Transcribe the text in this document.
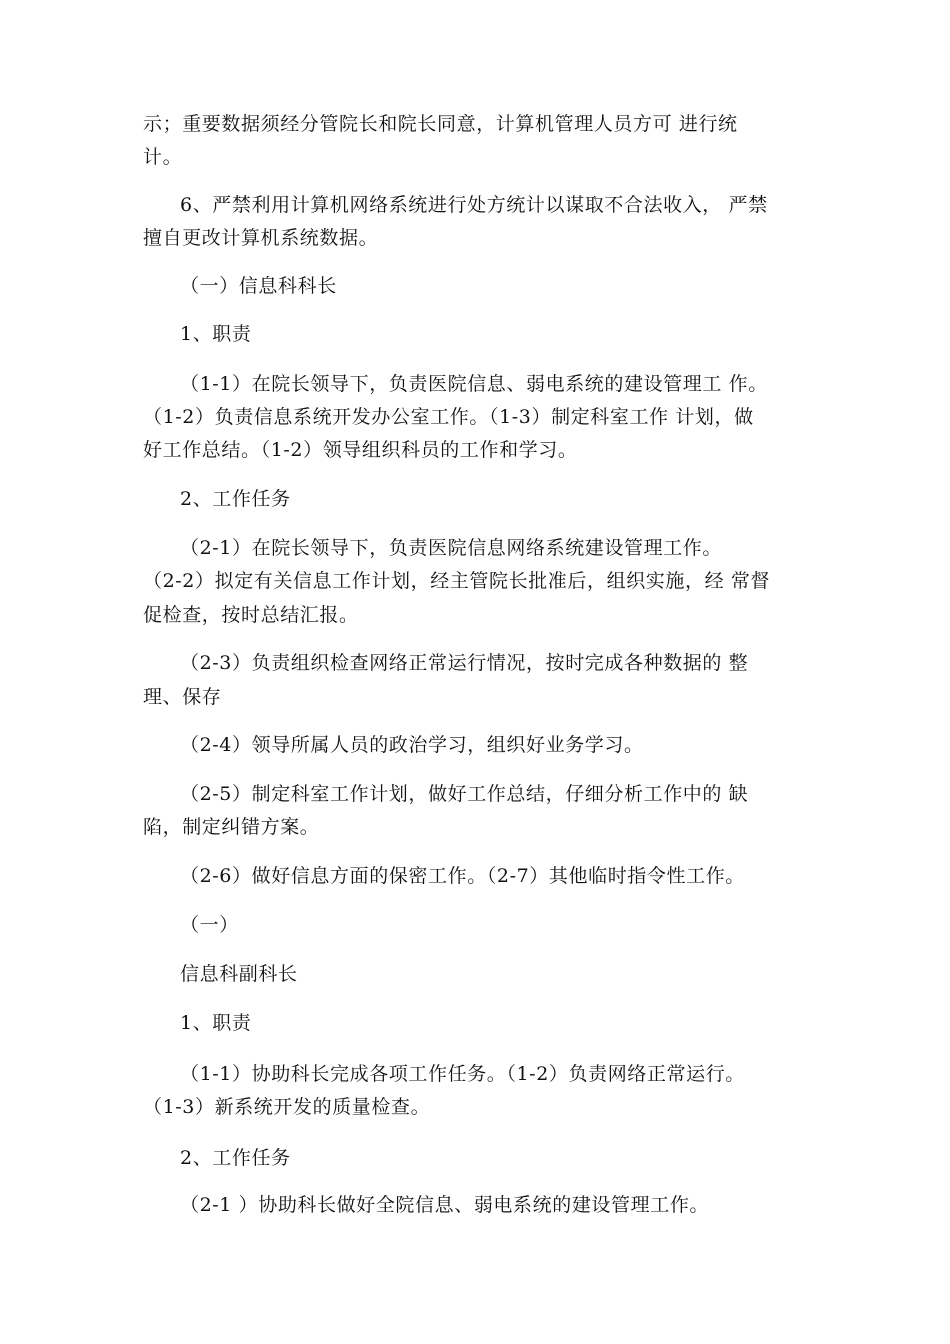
示；重要数据须经分管院长和院长同意，计算机管理人员方可 进行统
计。
6、严禁利用计算机网络系统进行处方统计以谋取不合法收入， 严禁
擅自更改计算机系统数据。
（一）信息科科长
1、职责
（1-1）在院长领导下，负责医院信息、弱电系统的建设管理工 作。
（1-2）负责信息系统开发办公室工作。（1-3）制定科室工作 计划，做
好工作总结。（1-2）领导组织科员的工作和学习。
2、工作任务
（2-1）在院长领导下，负责医院信息网络系统建设管理工作。
（2-2）拟定有关信息工作计划，经主管院长批准后，组织实施，经 常督
促检查，按时总结汇报。
（2-3）负责组织检查网络正常运行情况，按时完成各种数据的 整
理、保存
（2-4）领导所属人员的政治学习，组织好业务学习。
（2-5）制定科室工作计划，做好工作总结，仔细分析工作中的 缺
陷，制定纠错方案。
（2-6）做好信息方面的保密工作。（2-7）其他临时指令性工作。
（一）
信息科副科长
1、职责
（1-1）协助科长完成各项工作任务。（1-2）负责网络正常运行。
（1-3）新系统开发的质量检查。
2、工作任务
（2-1 ）协助科长做好全院信息、弱电系统的建设管理工作。
